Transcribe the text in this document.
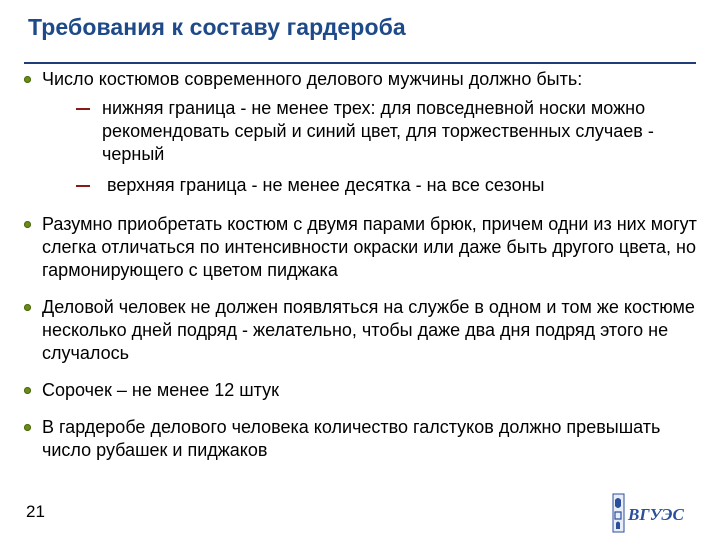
Требования к составу гардероба
Число костюмов современного делового мужчины должно быть:
нижняя граница - не менее трех: для повседневной носки можно рекомендовать серый и синий цвет, для торжественных случаев - черный
верхняя граница - не менее десятка - на все сезоны
Разумно приобретать костюм с двумя парами брюк, причем одни из них могут слегка отличаться по интенсивности окраски или даже быть другого цвета, но гармонирующего с цветом пиджака
Деловой человек не должен появляться на службе в одном и том же костюме несколько дней подряд - желательно, чтобы даже два дня подряд этого не случалось
Сорочек – не менее 12 штук
В гардеробе делового человека количество галстуков должно превышать число рубашек и пиджаков
21	ВГУЭС
